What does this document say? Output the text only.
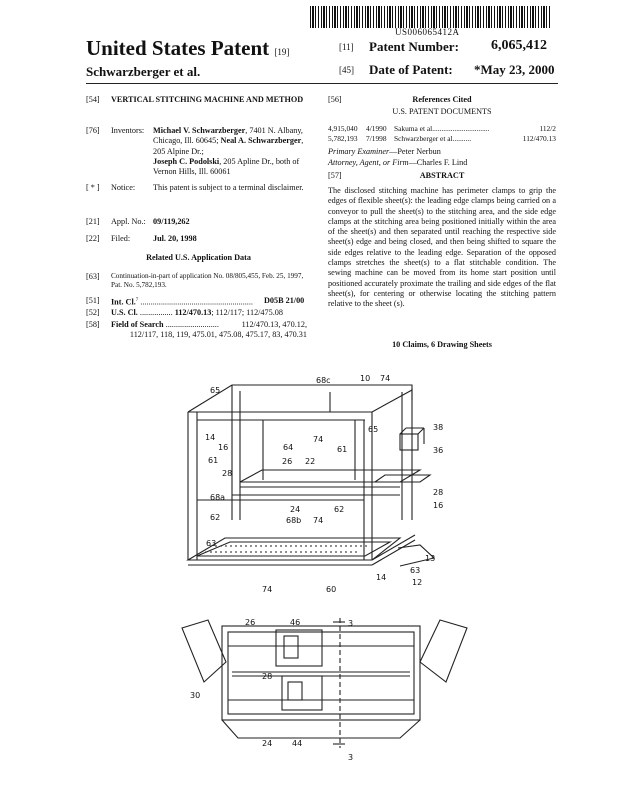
US006065412A
United States Patent [19]
Schwarzberger et al.
[11] Patent Number: 6,065,412
[45] Date of Patent: *May 23, 2000
[54] VERTICAL STITCHING MACHINE AND METHOD
[76] Inventors: Michael V. Schwarzberger, 7401 N. Albany, Chicago, Ill. 60645; Neal A. Schwarzberger, 205 Alpine Dr.;
Joseph C. Podolski, 205 Apline Dr., both of Vernon Hills, Ill. 60061
[ * ] Notice: This patent is subject to a terminal disclaimer.
[21] Appl. No.: 09/119,262
[22] Filed:	Jul. 20, 1998
Related U.S. Application Data
[63] Continuation-in-part of application No. 08/805,455, Feb. 25, 1997, Pat. No. 5,782,193.
[51] Int. Cl.$^7$ .......................................................	D05B 21/00
[52] U.S. Cl. ................ 112/470.13; 112/117; 112/475.08
[58] Field of Search ..........................	112/470.13, 470.12, 112/117, 118, 119, 475.01, 475.08, 475.17, 83, 470.31
[56]	References Cited
U.S. PATENT DOCUMENTS
4,915,040	4/1990	Sakuma et al. ..............................	112/2
5,782,193	7/1998	Schwarzberger et al. .........	112/470.13
Primary Examiner—Peter Nerbun
Attorney, Agent, or Firm—Charles F. Lind
[57]	ABSTRACT
The disclosed stitching machine has perimeter clamps to grip the edges of flexible sheet(s): the leading edge clamps being carried on a conveyor to pull the sheet(s) to the stitching area, and the side edge clamps at the stitching area being positioned initially within the area of the sheet(s) and then separated until reaching the respective side sheet(s) edge and being closed, and then being shifted to square the side edges relative to the leading edge. Separation of the opposed clamps stretches the sheet(s) to a flat stitchable condition. The sewing machine can be moved from its home start position until positioned accurately proximate the trailing and side edges of the flat sheet(s), for centering or otherwise locating the stitching pattern relative to the sheet (s).
10 Claims, 6 Drawing Sheets
65
68c	10 74
14
16	64
74
65
61
38
36
61	26 22
28
28
68a
24	62	16
62	68b 74
63
13
63
12
74	60
14
26	46	3
28
30
24 44
3
